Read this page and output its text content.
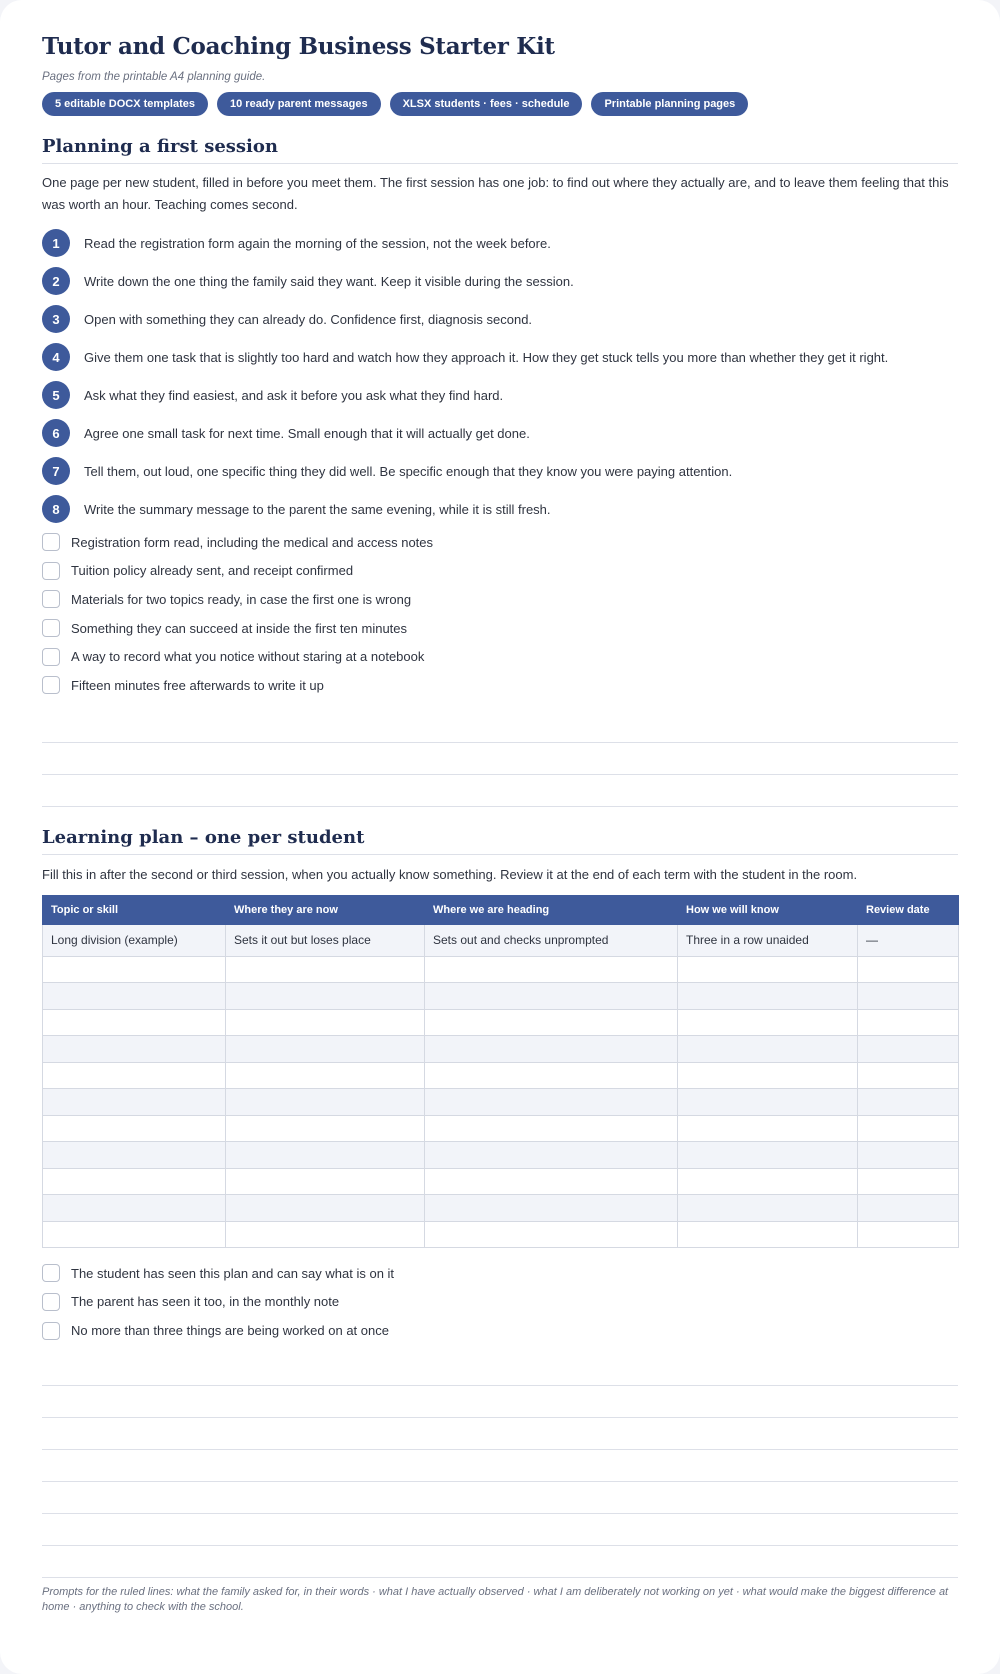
Tutor and Coaching Business Starter Kit

Pages from the printable A4 planning guide.

5 editable DOCX templates	10 ready parent messages	XLSX students · fees · schedule	Printable planning pages
Planning a first session

One page per new student, filled in before you meet them. The first session has one job: to find out where they actually are, and to leave them feeling that this was worth an hour. Teaching comes second.

1	Read the registration form again the morning of the session, not the week before.
2	Write down the one thing the family said they want. Keep it visible during the session.
3	Open with something they can already do. Confidence first, diagnosis second.
4	Give them one task that is slightly too hard and watch how they approach it. How they get stuck tells you more than whether they get it right.
5	Ask what they find easiest, and ask it before you ask what they find hard.
6	Agree one small task for next time. Small enough that it will actually get done.
7	Tell them, out loud, one specific thing they did well. Be specific enough that they know you were paying attention.
8	Write the summary message to the parent the same evening, while it is still fresh.
Registration form read, including the medical and access notes
Tuition policy already sent, and receipt confirmed
Materials for two topics ready, in case the first one is wrong
Something they can succeed at inside the first ten minutes
A way to record what you notice without staring at a notebook
Fifteen minutes free afterwards to write it up
Learning plan – one per student

Fill this in after the second or third session, when you actually know something. Review it at the end of each term with the student in the room.

Topic or skill	Where they are now	Where we are heading	How we will know	Review date
Long division (example)	Sets it out but loses place	Sets out and checks unprompted	Three in a row unaided	—

The student has seen this plan and can say what is on it
The parent has seen it too, in the monthly note
No more than three things are being worked on at once

Prompts for the ruled lines: what the family asked for, in their words · what I have actually observed · what I am deliberately not working on yet · what would make the biggest difference at home · anything to check with the school.
